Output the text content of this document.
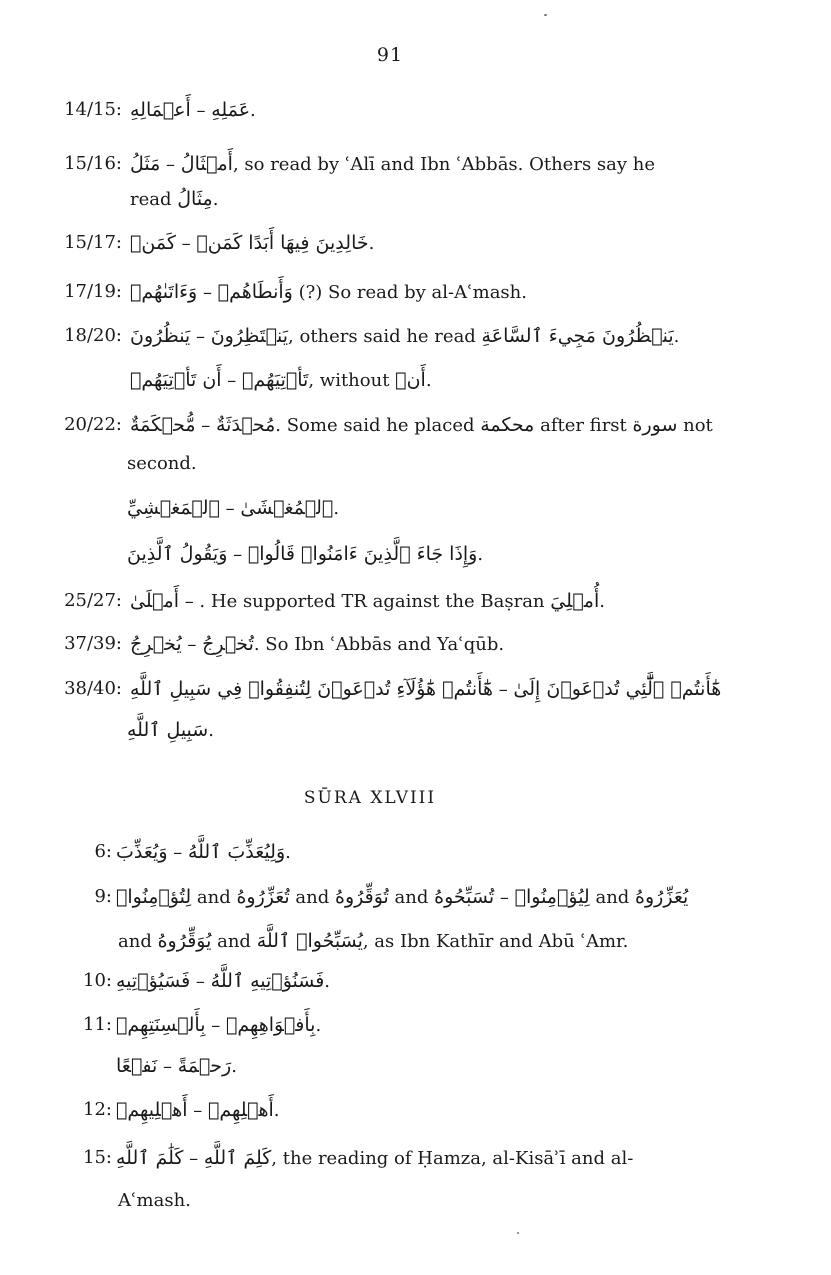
91
14/15: أَعۡمَالِهِ – عَمَلِهِ.
15/16: مَثَلُ – أَمۡثَالُ, so read by ʿAlī and Ibn ʿAbbās. Others say he
read مِثَالُ.
15/17: كَمَنۡ – خَالِدِينَ فِيهَا أَبَدًا كَمَنۡ.
17/19: وَءَاتَىٰهُمۡ – وَأَنطَاهُمۡ (?) So read by al-Aʿmash.
18/20: يَنظُرُونَ – يَنۡتَظِرُونَ, others said he read يَنۡظُرُونَ مَجِيءَ ٱلسَّاعَةِ.
أَن تَأۡتِيَهُمۡ – تَأۡتِيَهُمۡ, without أَنۡ.
20/22: مُّحۡكَمَةٌ – مُحۡدَثَةٌ. Some said he placed محكمة after first سورة not
second.
ٱلۡمَغۡشِيِّ – ٱلۡمُغۡشَىٰ.
وَيَقُولُ ٱلَّذِينَ – وَإِذَا جَاءَ ٱلَّذِينَ ءَامَنُوا۟ قَالُوا۟.
25/27: أَمۡلَىٰ – . He supported TR against the Baṣran أُمۡلِيَ.
37/39: يُخۡرِجُ – تُخۡرِجُ. So Ibn ʿAbbās and Yaʿqūb.
38/40: هَٰٓأَنتُمۡ هَٰٓؤُلَآءِ تُدۡعَوۡنَ لِتُنفِقُوا۟ فِي سَبِيلِ ٱللَّهِ – هَٰٓأَنتُمۡ ٱلَّٰٓئِي تُدۡعَوۡنَ إِلَىٰ
سَبِيلِ ٱللَّهِ.
SŪRA XLVIII
6: وَيُعَذِّبَ – وَلِيُعَذِّبَ ٱللَّهُ.
9: لِتُؤۡمِنُوا۟ and تُعَزِّرُوهُ and تُوَقِّرُوهُ and تُسَبِّحُوهُ – لِيُؤۡمِنُوا۟ and يُعَزِّرُوهُ
and يُوَقِّرُوهُ and يُسَبِّحُوا۟ ٱللَّهَ, as Ibn Kathīr and Abū ʿAmr.
10: فَسَيُؤۡتِيهِ – فَسَنُؤۡتِيهِ ٱللَّهُ.
11: بِأَلۡسِنَتِهِمۡ – بِأَفۡوَاهِهِمۡ.
نَفۡعًا – رَحۡمَةً.
12: أَهۡلِيهِمۡ – أَهۡلِهِمۡ.
15: كَلَٰمَ ٱللَّهِ – كَلِمَ ٱللَّهِ, the reading of Ḥamza, al-Kisāʾī and al-
Aʿmash.
